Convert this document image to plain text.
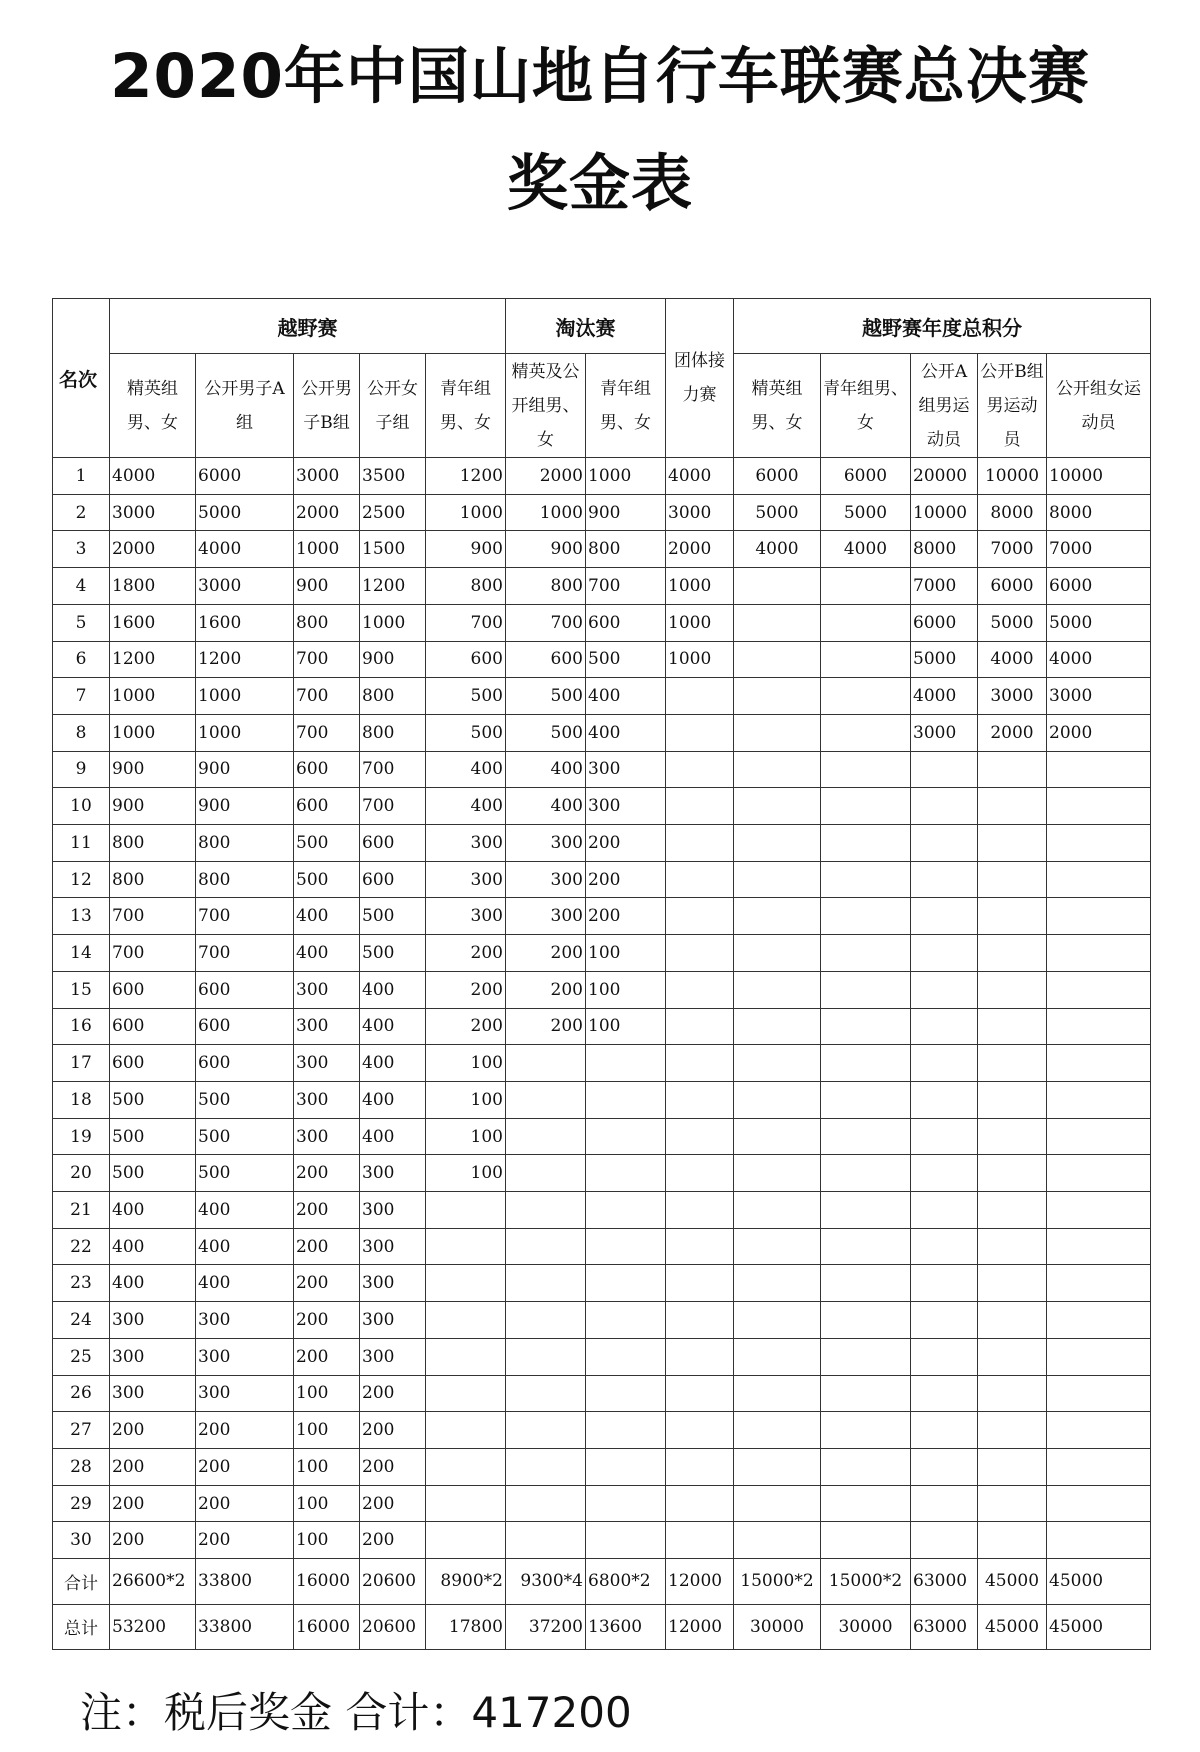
2020年中国山地自行车联赛总决赛
奖金表
名次	越野赛					淘汰赛		团体接力赛	越野赛年度总积分				
	精英组男、女	公开男子A组	公开男子B组	公开女子组	青年组男、女	精英及公开组男、女	青年组男、女		精英组男、女	青年组男、女	公开A组男运动员	公开B组男运动员	公开组女运动员
1	4000	6000	3000	3500	1200	2000	1000	4000	6000	6000	20000	10000	10000
2	3000	5000	2000	2500	1000	1000	900	3000	5000	5000	10000	8000	8000
3	2000	4000	1000	1500	900	900	800	2000	4000	4000	8000	7000	7000
4	1800	3000	900	1200	800	800	700	1000			7000	6000	6000
5	1600	1600	800	1000	700	700	600	1000			6000	5000	5000
6	1200	1200	700	900	600	600	500	1000			5000	4000	4000
7	1000	1000	700	800	500	500	400				4000	3000	3000
8	1000	1000	700	800	500	500	400				3000	2000	2000
9	900	900	600	700	400	400	300						
10	900	900	600	700	400	400	300						
11	800	800	500	600	300	300	200						
12	800	800	500	600	300	300	200						
13	700	700	400	500	300	300	200						
14	700	700	400	500	200	200	100						
15	600	600	300	400	200	200	100						
16	600	600	300	400	200	200	100						
17	600	600	300	400	100								
18	500	500	300	400	100								
19	500	500	300	400	100								
20	500	500	200	300	100								
21	400	400	200	300									
22	400	400	200	300									
23	400	400	200	300									
24	300	300	200	300									
25	300	300	200	300									
26	300	300	100	200									
27	200	200	100	200									
28	200	200	100	200									
29	200	200	100	200									
30	200	200	100	200									
合计	26600*2	33800	16000	20600	8900*2	9300*4	6800*2	12000	15000*2	15000*2	63000	45000	45000
总计	53200	33800	16000	20600	17800	37200	13600	12000	30000	30000	63000	45000	45000

注：税后奖金 合计：417200
